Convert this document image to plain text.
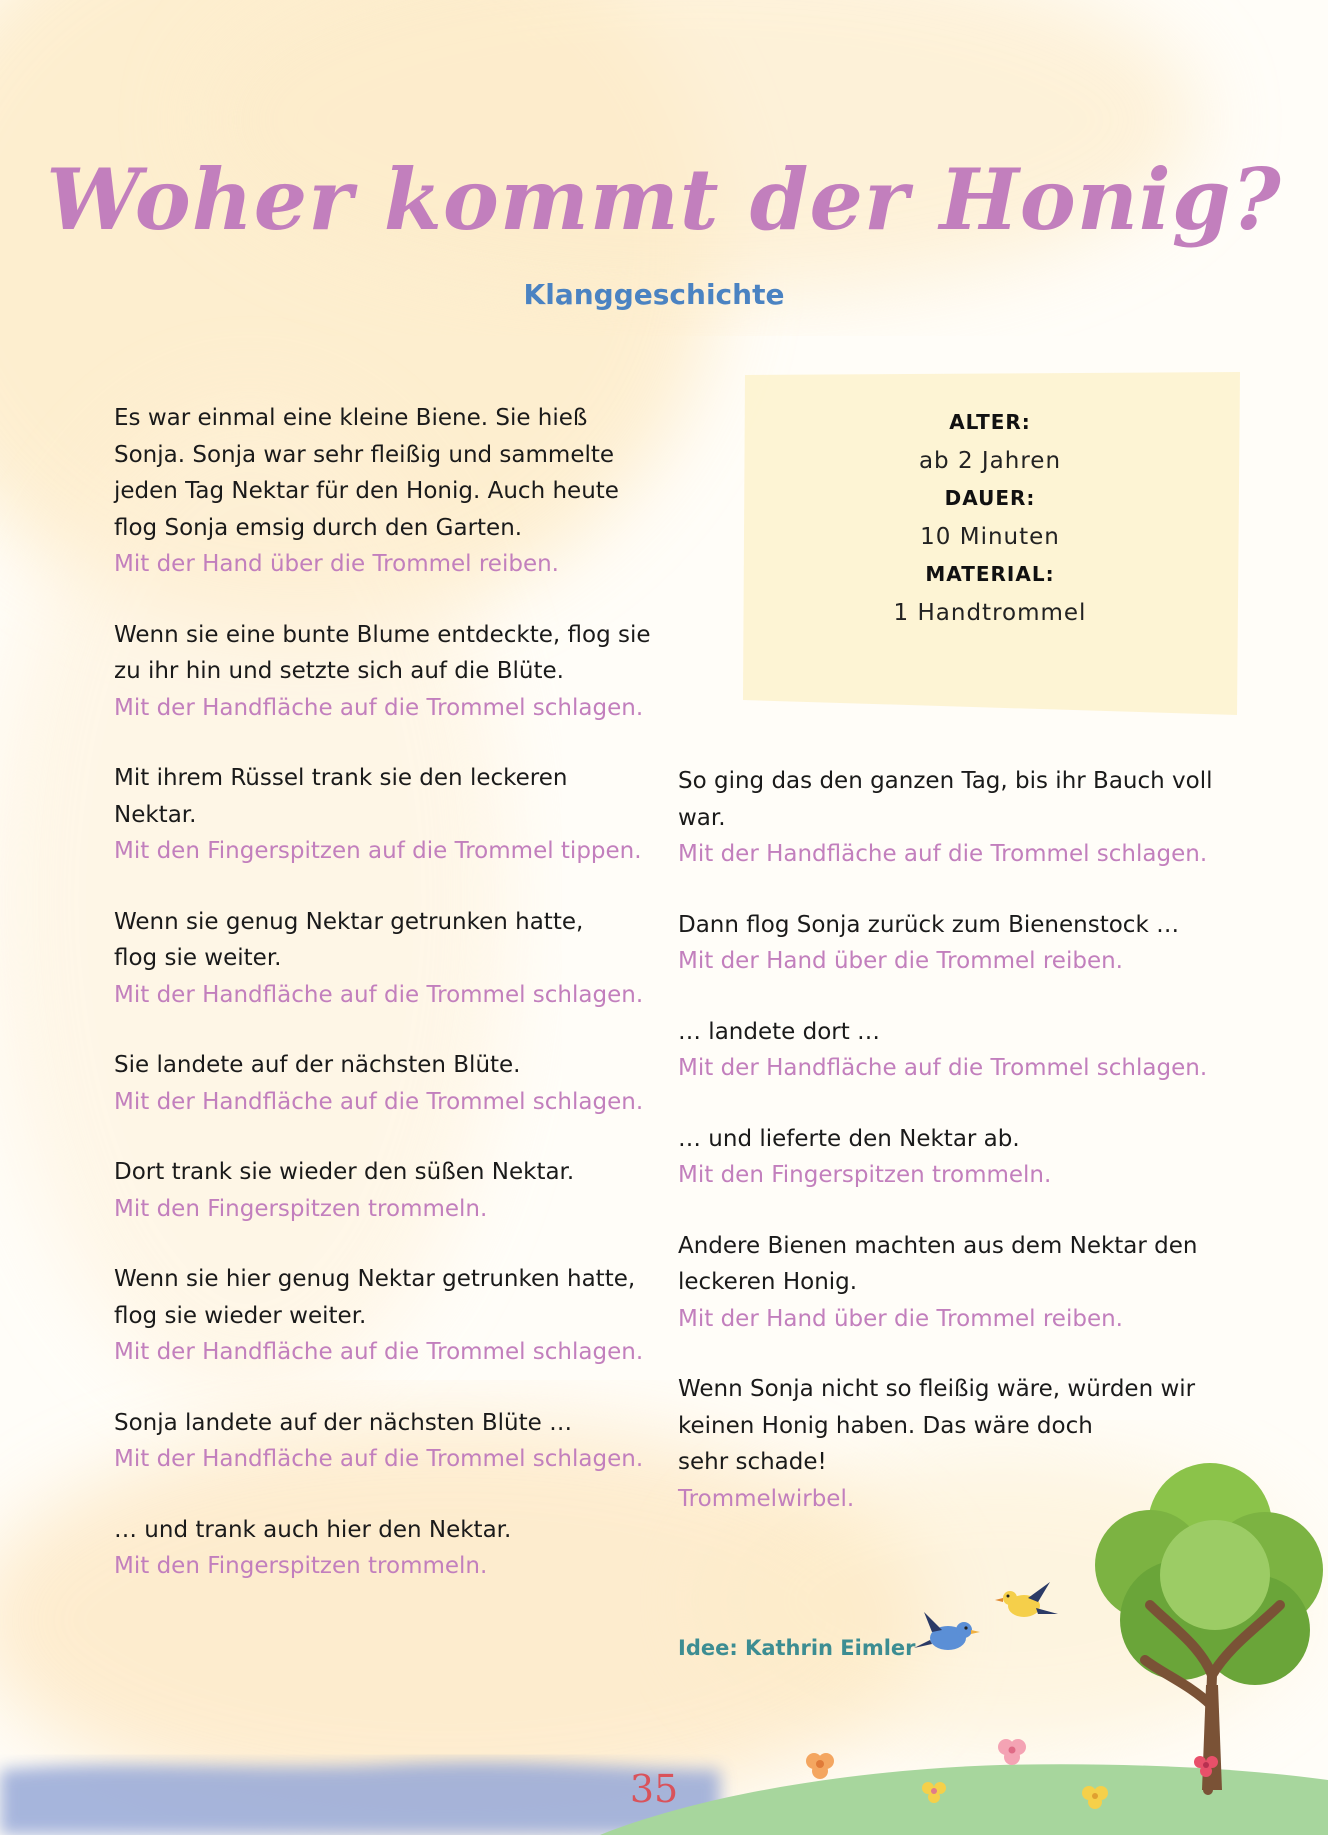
Woher kommt der Honig?
Klanggeschichte
ALTER:
ab 2 Jahren
DAUER:
10 Minuten
MATERIAL:
1 Handtrommel
Es war einmal eine kleine Biene. Sie hieß
Sonja. Sonja war sehr fleißig und sammelte
jeden Tag Nektar für den Honig. Auch heute
flog Sonja emsig durch den Garten.
Mit der Hand über die Trommel reiben.
Wenn sie eine bunte Blume entdeckte, flog sie
zu ihr hin und setzte sich auf die Blüte.
Mit der Handfläche auf die Trommel schlagen.
Mit ihrem Rüssel trank sie den leckeren
Nektar.
Mit den Fingerspitzen auf die Trommel tippen.
Wenn sie genug Nektar getrunken hatte,
flog sie weiter.
Mit der Handfläche auf die Trommel schlagen.
Sie landete auf der nächsten Blüte.
Mit der Handfläche auf die Trommel schlagen.
Dort trank sie wieder den süßen Nektar.
Mit den Fingerspitzen trommeln.
Wenn sie hier genug Nektar getrunken hatte,
flog sie wieder weiter.
Mit der Handfläche auf die Trommel schlagen.
Sonja landete auf der nächsten Blüte …
Mit der Handfläche auf die Trommel schlagen.
… und trank auch hier den Nektar.
Mit den Fingerspitzen trommeln.
So ging das den ganzen Tag, bis ihr Bauch voll
war.
Mit der Handfläche auf die Trommel schlagen.
Dann flog Sonja zurück zum Bienenstock …
Mit der Hand über die Trommel reiben.
… landete dort …
Mit der Handfläche auf die Trommel schlagen.
… und lieferte den Nektar ab.
Mit den Fingerspitzen trommeln.
Andere Bienen machten aus dem Nektar den
leckeren Honig.
Mit der Hand über die Trommel reiben.
Wenn Sonja nicht so fleißig wäre, würden wir
keinen Honig haben. Das wäre doch
sehr schade!
Trommelwirbel.
Idee: Kathrin Eimler
35
